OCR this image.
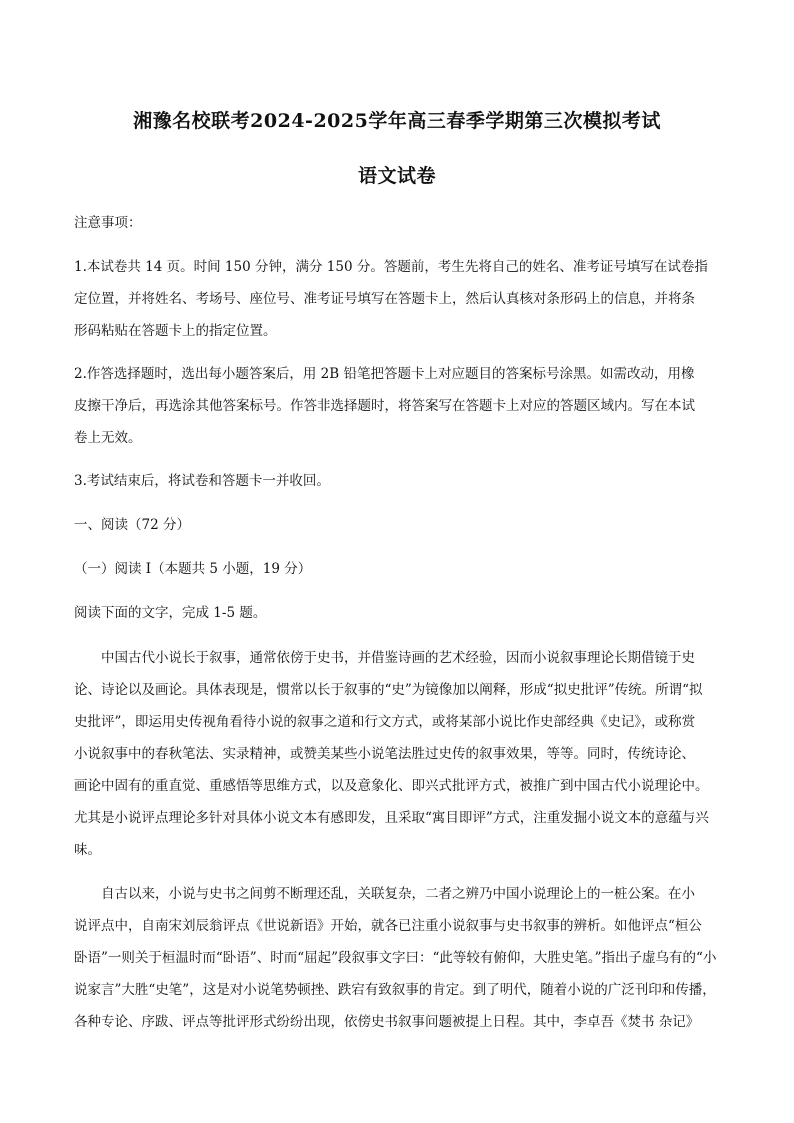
湘豫名校联考2024-2025学年高三春季学期第三次模拟考试
语文试卷
注意事项：
1.本试卷共 14 页。时间 150 分钟，满分 150 分。答题前，考生先将自己的姓名、准考证号填写在试卷指
定位置，并将姓名、考场号、座位号、准考证号填写在答题卡上，然后认真核对条形码上的信息，并将条
形码粘贴在答题卡上的指定位置。
2.作答选择题时，选出每小题答案后，用 2B 铅笔把答题卡上对应题目的答案标号涂黑。如需改动，用橡
皮擦干净后，再选涂其他答案标号。作答非选择题时，将答案写在答题卡上对应的答题区域内。写在本试
卷上无效。
3.考试结束后，将试卷和答题卡一并收回。
一、阅读（72 分）
（一）阅读 I（本题共 5 小题，19 分）
阅读下面的文字，完成 1-5 题。
中国古代小说长于叙事，通常依傍于史书，并借鉴诗画的艺术经验，因而小说叙事理论长期借镜于史
论、诗论以及画论。具体表现是，惯常以长于叙事的“史”为镜像加以阐释，形成“拟史批评”传统。所谓“拟
史批评”，即运用史传视角看待小说的叙事之道和行文方式，或将某部小说比作史部经典《史记》，或称赏
小说叙事中的春秋笔法、实录精神，或赞美某些小说笔法胜过史传的叙事效果，等等。同时，传统诗论、
画论中固有的重直觉、重感悟等思维方式，以及意象化、即兴式批评方式，被推广到中国古代小说理论中。
尤其是小说评点理论多针对具体小说文本有感即发，且采取“寓目即评”方式，注重发掘小说文本的意蕴与兴
味。
自古以来，小说与史书之间剪不断理还乱，关联复杂，二者之辨乃中国小说理论上的一桩公案。在小
说评点中，自南宋刘辰翁评点《世说新语》开始，就各已注重小说叙事与史书叙事的辨析。如他评点“桓公
卧语”一则关于桓温时而“卧语”、时而“屈起”段叙事文字曰：“此等较有俯仰，大胜史笔。”指出子虚乌有的“小
说家言”大胜“史笔”，这是对小说笔势顿挫、跌宕有致叙事的肯定。到了明代，随着小说的广泛刊印和传播，
各种专论、序跋、评点等批评形式纷纷出现，依傍史书叙事问题被提上日程。其中，李卓吾《焚书 杂记》
